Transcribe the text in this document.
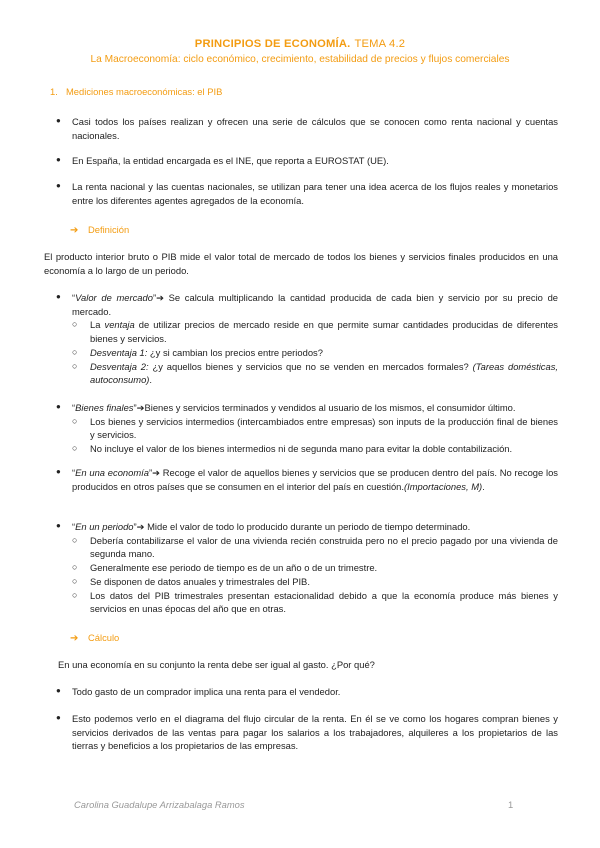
PRINCIPIOS DE ECONOMÍA. TEMA 4.2
La Macroeconomía: ciclo económico, crecimiento, estabilidad de precios y flujos comerciales
1. Mediciones macroeconómicas: el PIB
● Casi todos los países realizan y ofrecen una serie de cálculos que se conocen como renta nacional y cuentas nacionales.
● En España, la entidad encargada es el INE, que reporta a EUROSTAT (UE).
● La renta nacional y las cuentas nacionales, se utilizan para tener una idea acerca de los flujos reales y monetarios entre los diferentes agentes agregados de la economía.
➔ Definición
El producto interior bruto o PIB mide el valor total de mercado de todos los bienes y servicios finales producidos en una economía a lo largo de un periodo.
● “Valor de mercado”➔ Se calcula multiplicando la cantidad producida de cada bien y servicio por su precio de mercado.
○ La ventaja de utilizar precios de mercado reside en que permite sumar cantidades producidas de diferentes bienes y servicios.
○ Desventaja 1: ¿y si cambian los precios entre periodos?
○ Desventaja 2: ¿y aquellos bienes y servicios que no se venden en mercados formales? (Tareas domésticas, autoconsumo).
● “Bienes finales”➔Bienes y servicios terminados y vendidos al usuario de los mismos, el consumidor último.
○ Los bienes y servicios intermedios (intercambiados entre empresas) son inputs de la producción final de bienes y servicios.
○ No incluye el valor de los bienes intermedios ni de segunda mano para evitar la doble contabilización.
● “En una economía”➔ Recoge el valor de aquellos bienes y servicios que se producen dentro del país. No recoge los producidos en otros países que se consumen en el interior del país en cuestión.(Importaciones, M).
● “En un periodo”➔ Mide el valor de todo lo producido durante un periodo de tiempo determinado.
○ Debería contabilizarse el valor de una vivienda recién construida pero no el precio pagado por una vivienda de segunda mano.
○ Generalmente ese periodo de tiempo es de un año o de un trimestre.
○ Se disponen de datos anuales y trimestrales del PIB.
○ Los datos del PIB trimestrales presentan estacionalidad debido a que la economía produce más bienes y servicios en unas épocas del año que en otras.
➔ Cálculo
En una economía en su conjunto la renta debe ser igual al gasto. ¿Por qué?
● Todo gasto de un comprador implica una renta para el vendedor.
● Esto podemos verlo en el diagrama del flujo circular de la renta. En él se ve como los hogares compran bienes y servicios derivados de las ventas para pagar los salarios a los trabajadores, alquileres a los propietarios de las tierras y beneficios a los propietarios de las empresas.
Carolina Guadalupe Arrizabalaga Ramos	1
